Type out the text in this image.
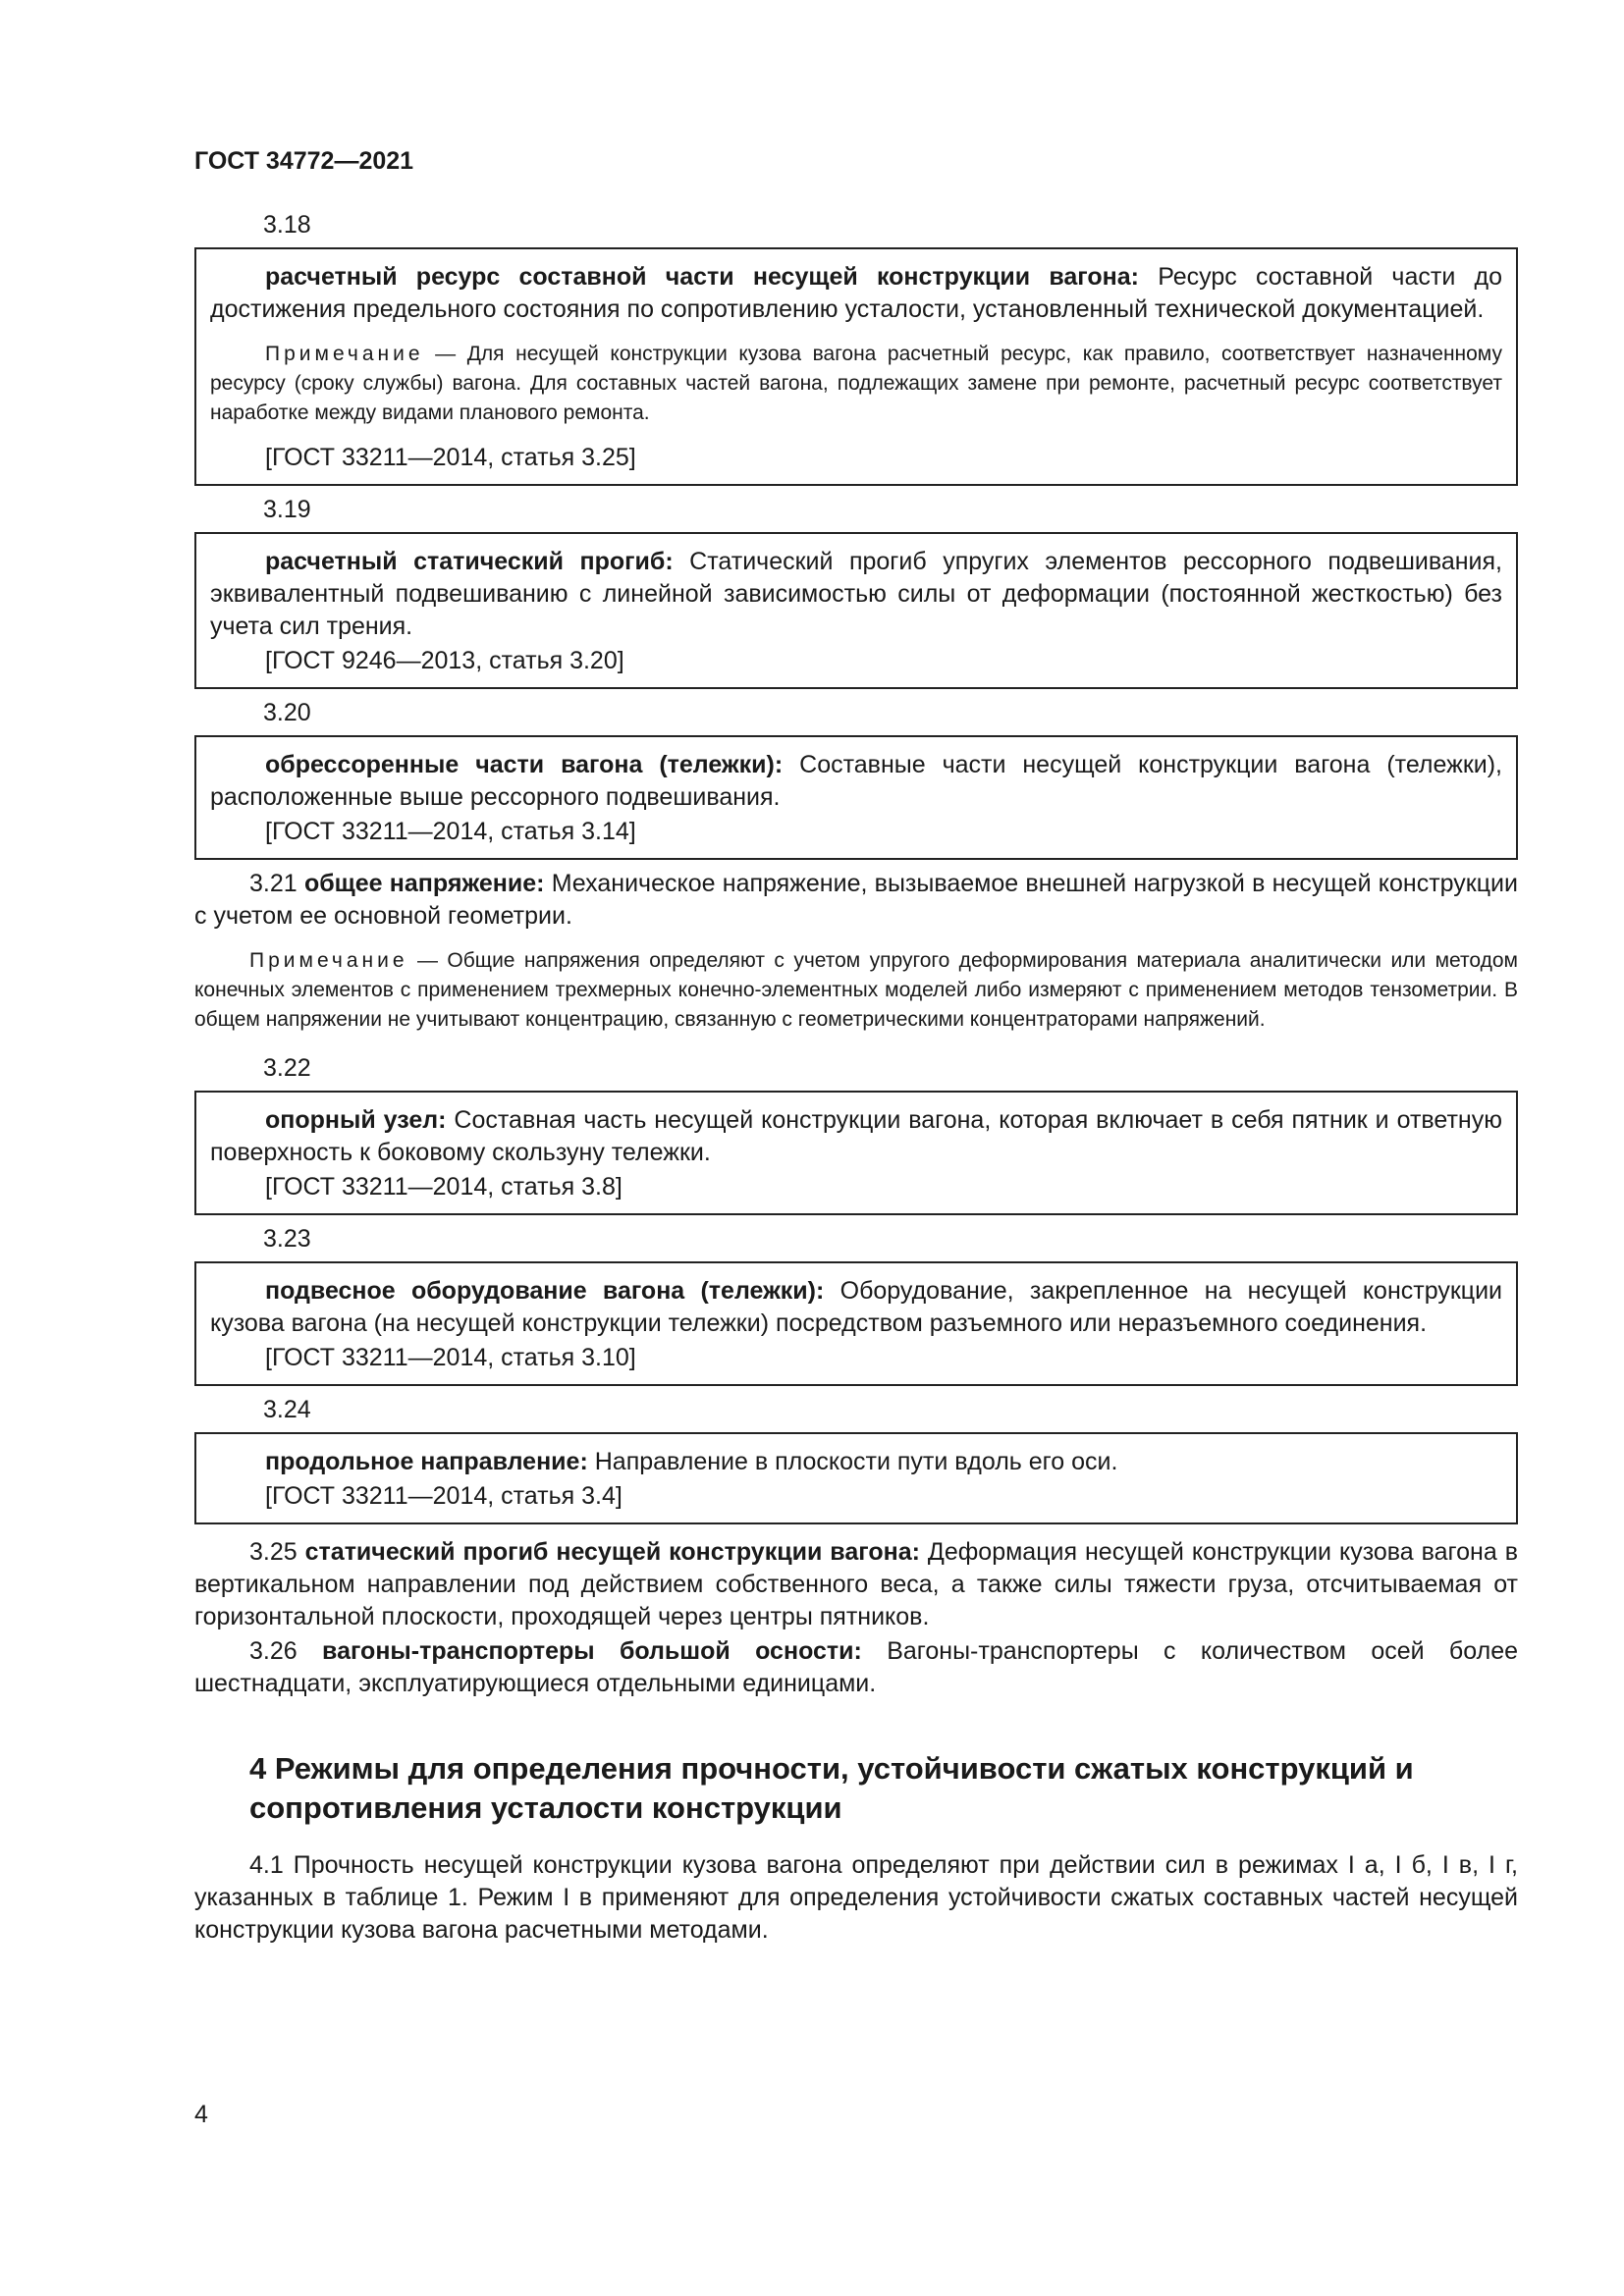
ГОСТ 34772—2021
3.18

расчетный ресурс составной части несущей конструкции вагона: Ресурс составной части до достижения предельного состояния по сопротивлению усталости, установленный технической документацией.

Примечание — Для несущей конструкции кузова вагона расчетный ресурс, как правило, соответствует назначенному ресурсу (сроку службы) вагона. Для составных частей вагона, подлежащих замене при ремонте, расчетный ресурс соответствует наработке между видами планового ремонта.

[ГОСТ 33211—2014, статья 3.25]

3.19

расчетный статический прогиб: Статический прогиб упругих элементов рессорного подвешивания, эквивалентный подвешиванию с линейной зависимостью силы от деформации (постоянной жесткостью) без учета сил трения.

[ГОСТ 9246—2013, статья 3.20]

3.20

обрессоренные части вагона (тележки): Составные части несущей конструкции вагона (тележки), расположенные выше рессорного подвешивания.

[ГОСТ 33211—2014, статья 3.14]

3.21 общее напряжение: Механическое напряжение, вызываемое внешней нагрузкой в несущей конструкции с учетом ее основной геометрии.

Примечание — Общие напряжения определяют с учетом упругого деформирования материала аналитически или методом конечных элементов с применением трехмерных конечно-элементных моделей либо измеряют с применением методов тензометрии. В общем напряжении не учитывают концентрацию, связанную с геометрическими концентраторами напряжений.

3.22

опорный узел: Составная часть несущей конструкции вагона, которая включает в себя пятник и ответную поверхность к боковому скользуну тележки.

[ГОСТ 33211—2014, статья 3.8]

3.23

подвесное оборудование вагона (тележки): Оборудование, закрепленное на несущей конструкции кузова вагона (на несущей конструкции тележки) посредством разъемного или неразъемного соединения.

[ГОСТ 33211—2014, статья 3.10]

3.24

продольное направление: Направление в плоскости пути вдоль его оси.

[ГОСТ 33211—2014, статья 3.4]

3.25 статический прогиб несущей конструкции вагона: Деформация несущей конструкции кузова вагона в вертикальном направлении под действием собственного веса, а также силы тяжести груза, отсчитываемая от горизонтальной плоскости, проходящей через центры пятников.

3.26 вагоны-транспортеры большой осности: Вагоны-транспортеры с количеством осей более шестнадцати, эксплуатирующиеся отдельными единицами.

4 Режимы для определения прочности, устойчивости сжатых конструкций и сопротивления усталости конструкции

4.1 Прочность несущей конструкции кузова вагона определяют при действии сил в режимах I а, I б, I в, I г, указанных в таблице 1. Режим I в применяют для определения устойчивости сжатых составных частей несущей конструкции кузова вагона расчетными методами.

4
